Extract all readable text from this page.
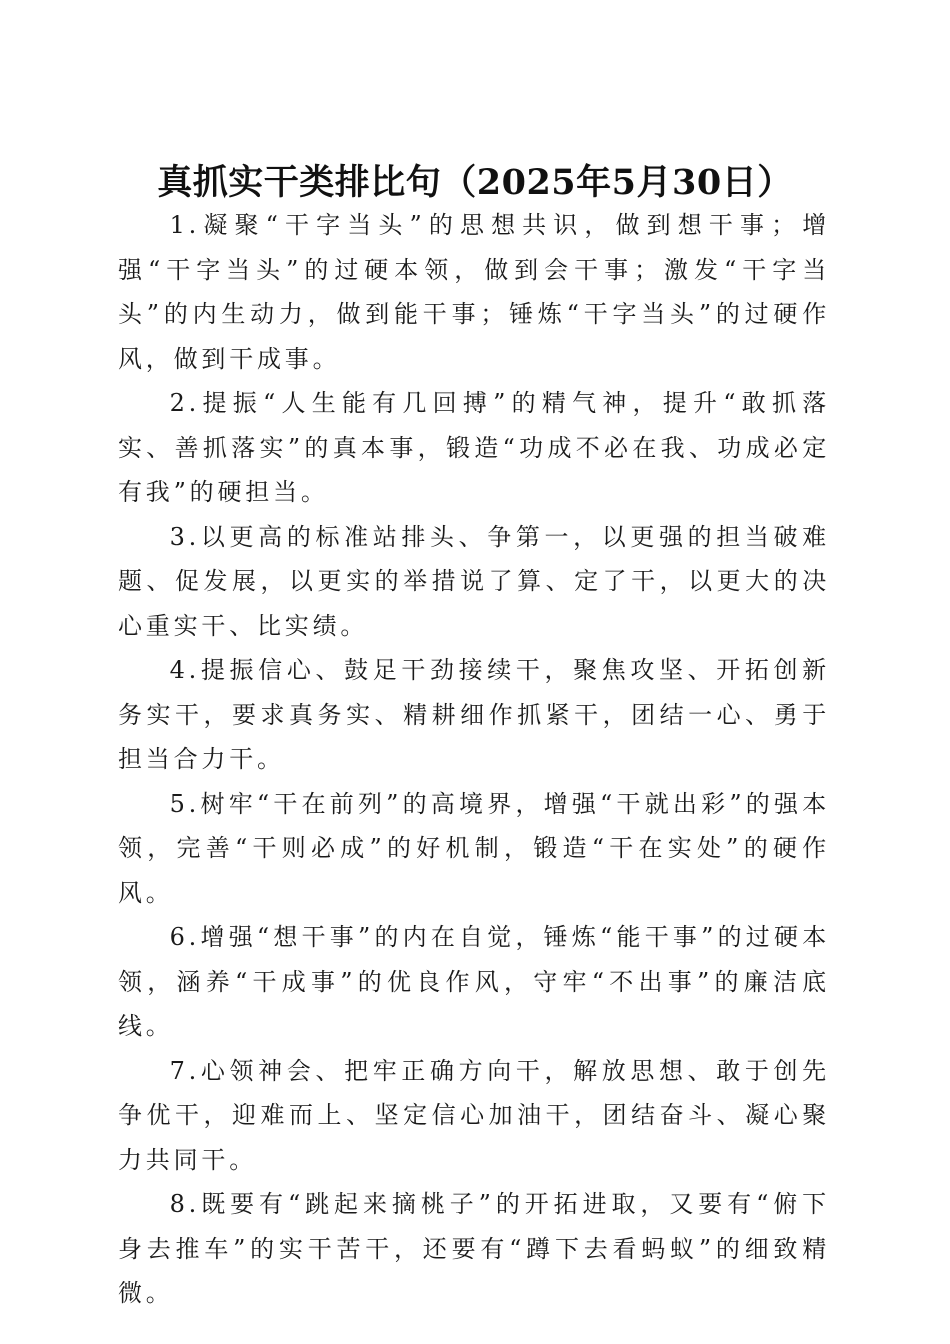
真抓实干类排比句（2025年5月30日）

1.凝聚“干字当头”的思想共识，做到想干事；增强“干字当头”的过硬本领，做到会干事；激发“干字当头”的内生动力，做到能干事；锤炼“干字当头”的过硬作风，做到干成事。

2.提振“人生能有几回搏”的精气神，提升“敢抓落实、善抓落实”的真本事，锻造“功成不必在我、功成必定有我”的硬担当。

3.以更高的标准站排头、争第一，以更强的担当破难题、促发展，以更实的举措说了算、定了干，以更大的决心重实干、比实绩。

4.提振信心、鼓足干劲接续干，聚焦攻坚、开拓创新务实干，要求真务实、精耕细作抓紧干，团结一心、勇于担当合力干。

5.树牢“干在前列”的高境界，增强“干就出彩”的强本领，完善“干则必成”的好机制，锻造“干在实处”的硬作风。

6.增强“想干事”的内在自觉，锤炼“能干事”的过硬本领，涵养“干成事”的优良作风，守牢“不出事”的廉洁底线。

7.心领神会、把牢正确方向干，解放思想、敢于创先争优干，迎难而上、坚定信心加油干，团结奋斗、凝心聚力共同干。

8.既要有“跳起来摘桃子”的开拓进取，又要有“俯下身去推车”的实干苦干，还要有“蹲下去看蚂蚁”的细致精微。
